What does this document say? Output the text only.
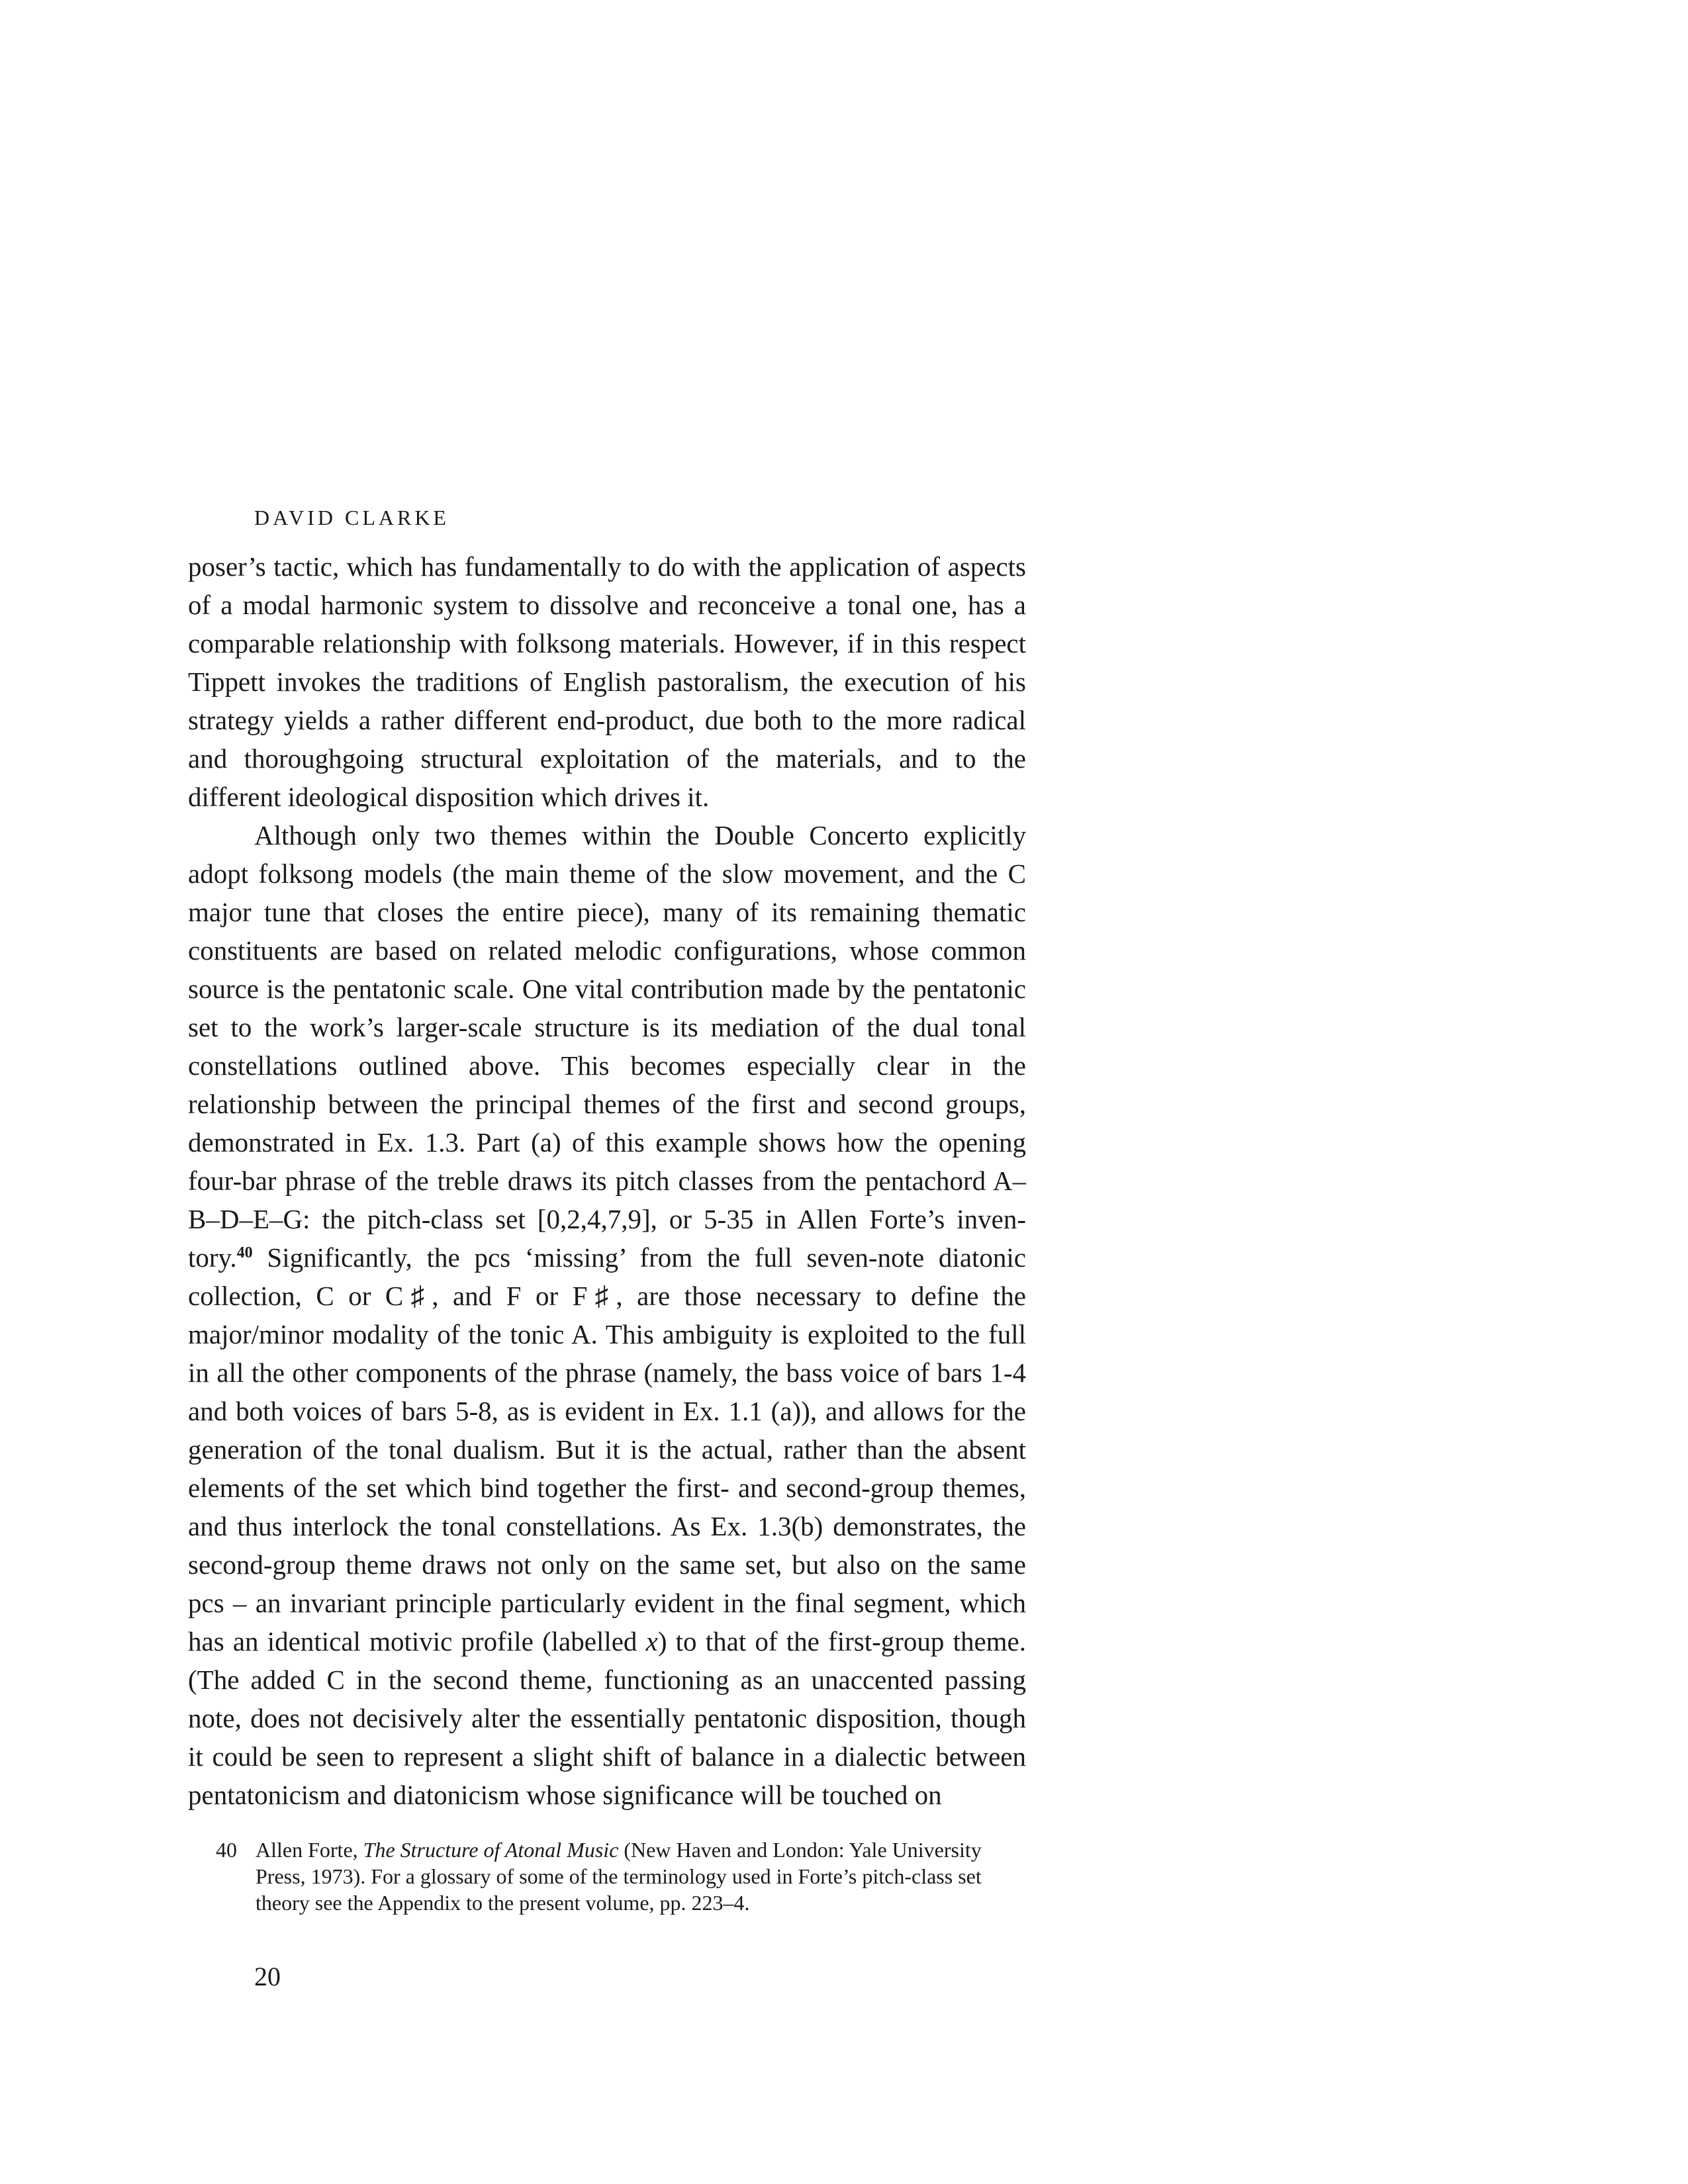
DAVID CLARKE

poser’s tactic, which has fundamentally to do with the application of aspects of a modal harmonic system to dissolve and reconceive a tonal one, has a comparable relationship with folksong materials. However, if in this respect Tippett invokes the traditions of English pastoralism, the execution of his strategy yields a rather different end-product, due both to the more radical and thoroughgoing structural exploitation of the materials, and to the different ideological disposition which drives it.

Although only two themes within the Double Concerto explicitly adopt folksong models (the main theme of the slow movement, and the C major tune that closes the entire piece), many of its remaining thematic constituents are based on related melodic configurations, whose common source is the pentatonic scale. One vital contribution made by the pentatonic set to the work’s larger-scale structure is its mediation of the dual tonal constellations outlined above. This becomes especially clear in the relationship between the principal themes of the first and second groups, demonstrated in Ex. 1.3. Part (a) of this example shows how the opening four-bar phrase of the treble draws its pitch classes from the pentachord A–B–D–E–G: the pitch-class set [0,2,4,7,9], or 5-35 in Allen Forte’s inventory.$^{40}$ Significantly, the pcs ‘missing’ from the full seven-note diatonic collection, C or C♯, and F or F♯, are those necessary to define the major/minor modality of the tonic A. This ambiguity is exploited to the full in all the other components of the phrase (namely, the bass voice of bars 1-4 and both voices of bars 5-8, as is evident in Ex. 1.1 (a)), and allows for the generation of the tonal dualism. But it is the actual, rather than the absent elements of the set which bind together the first- and second-group themes, and thus interlock the tonal constellations. As Ex. 1.3(b) demonstrates, the second-group theme draws not only on the same set, but also on the same pcs – an invariant principle particularly evident in the final segment, which has an identical motivic profile (labelled x) to that of the first-group theme. (The added C in the second theme, functioning as an unaccented passing note, does not decisively alter the essentially pentatonic disposition, though it could be seen to represent a slight shift of balance in a dialectic between pentatonicism and diatonicism whose significance will be touched on

40 Allen Forte, The Structure of Atonal Music (New Haven and London: Yale University Press, 1973). For a glossary of some of the terminology used in Forte’s pitch-class set theory see the Appendix to the present volume, pp. 223–4.
20
